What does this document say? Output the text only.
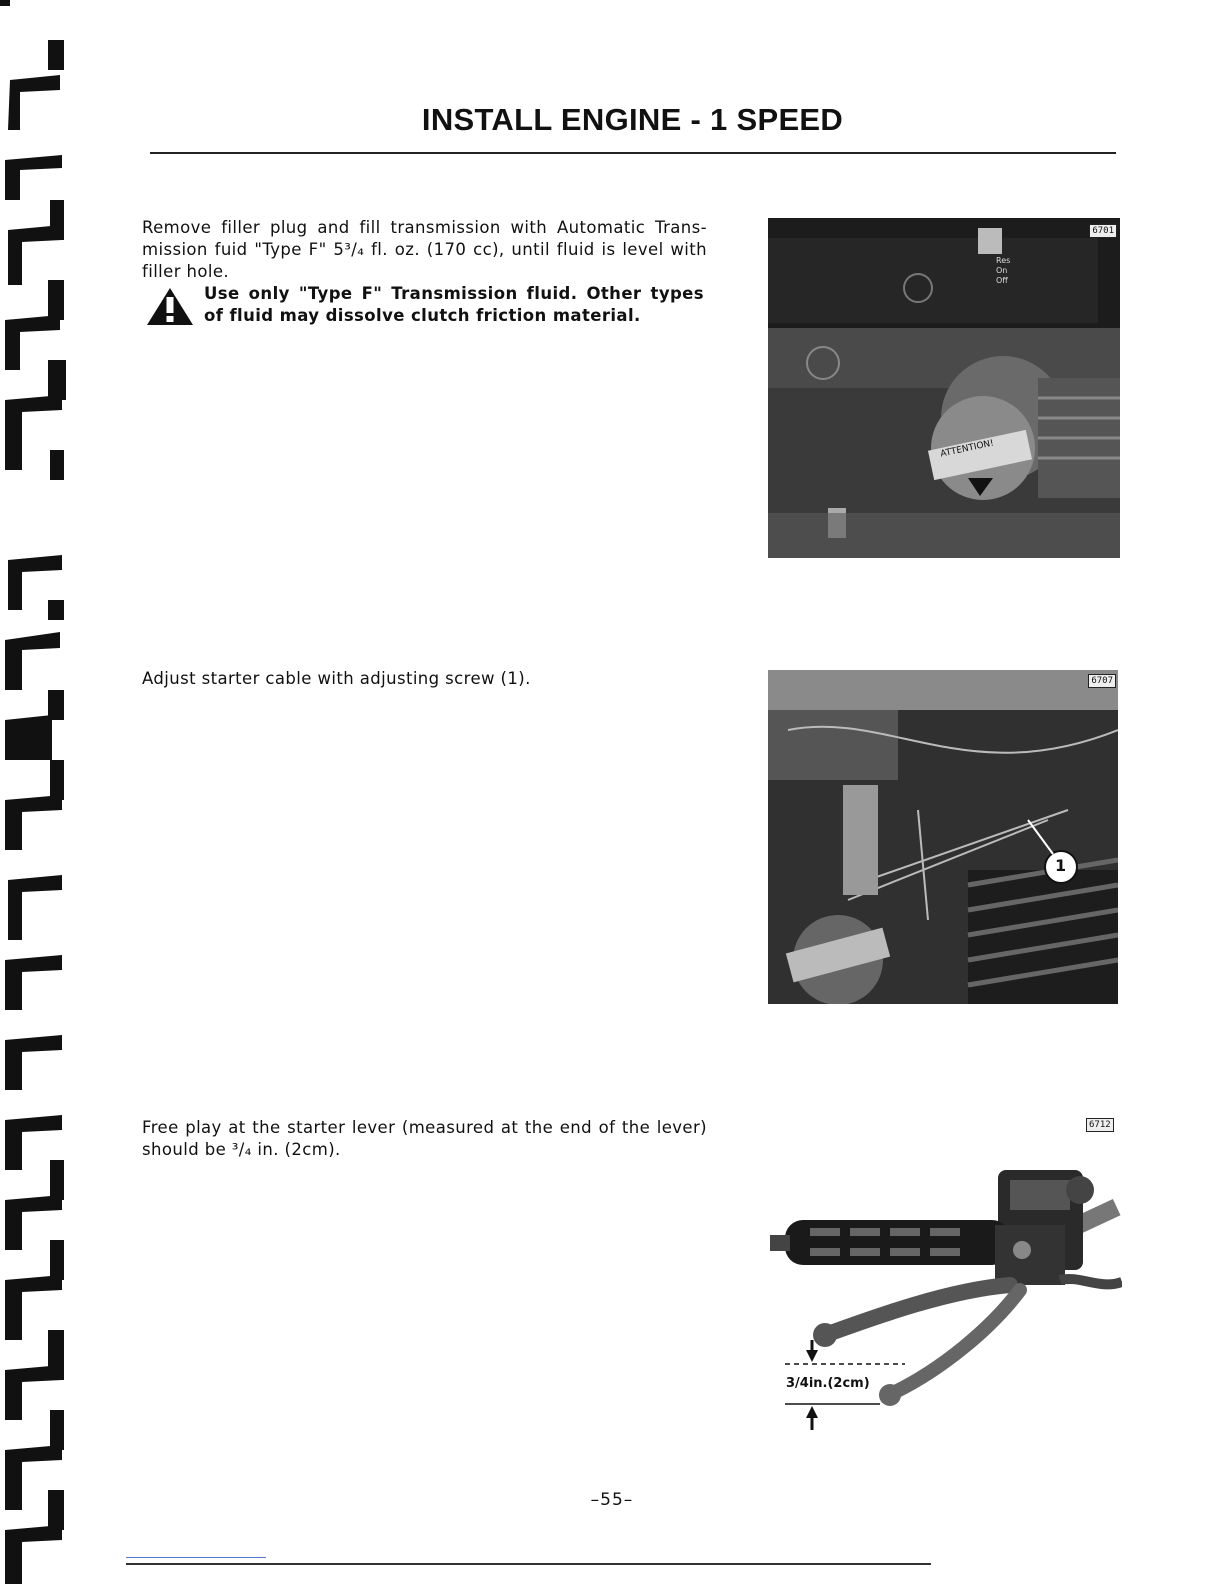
INSTALL ENGINE - 1 SPEED
Remove filler plug and fill transmission with Automatic Trans-mission fuid "Type F" 5³/₄ fl. oz. (170 cc), until fluid is level with filler hole.
Use only "Type F" Transmission fluid. Other types of fluid may dissolve clutch friction material.
Res
On
Off
ATTENTION!
6701
Adjust starter cable with adjusting screw (1).
1
6707
Free play at the starter lever (measured at the end of the lever) should be ³/₄ in. (2cm).
6712
3/4in.(2cm)
–55–
